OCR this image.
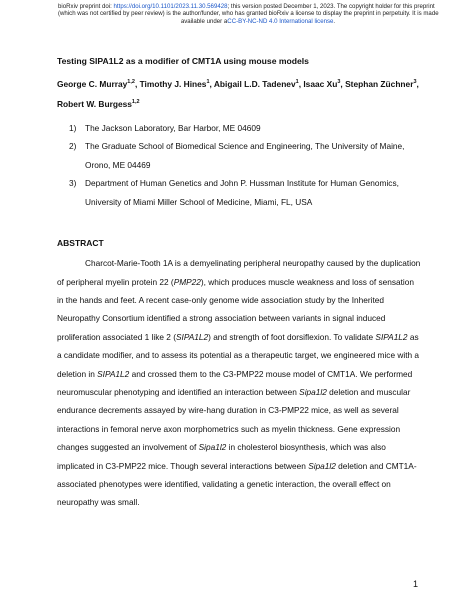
bioRxiv preprint doi: https://doi.org/10.1101/2023.11.30.569428; this version posted December 1, 2023. The copyright holder for this preprint
(which was not certified by peer review) is the author/funder, who has granted bioRxiv a license to display the preprint in perpetuity. It is made
available under aCC-BY-NC-ND 4.0 International license.
Testing SIPA1L2 as a modifier of CMT1A using mouse models

George C. Murray$^{1,2}$, Timothy J. Hines$^1$, Abigail L.D. Tadenev$^1$, Isaac Xu$^3$, Stephan Züchner$^3$, Robert W. Burgess$^{1,2}$

1) The Jackson Laboratory, Bar Harbor, ME 04609
2) The Graduate School of Biomedical Science and Engineering, The University of Maine, Orono, ME 04469
3) Department of Human Genetics and John P. Hussman Institute for Human Genomics, University of Miami Miller School of Medicine, Miami, FL, USA
ABSTRACT

Charcot-Marie-Tooth 1A is a demyelinating peripheral neuropathy caused by the duplication of peripheral myelin protein 22 (PMP22), which produces muscle weakness and loss of sensation in the hands and feet. A recent case-only genome wide association study by the Inherited Neuropathy Consortium identified a strong association between variants in signal induced proliferation associated 1 like 2 (SIPA1L2) and strength of foot dorsiflexion. To validate SIPA1L2 as a candidate modifier, and to assess its potential as a therapeutic target, we engineered mice with a deletion in SIPA1L2 and crossed them to the C3-PMP22 mouse model of CMT1A. We performed neuromuscular phenotyping and identified an interaction between Sipa1l2 deletion and muscular endurance decrements assayed by wire-hang duration in C3-PMP22 mice, as well as several interactions in femoral nerve axon morphometrics such as myelin thickness. Gene expression changes suggested an involvement of Sipa1l2 in cholesterol biosynthesis, which was also implicated in C3-PMP22 mice. Though several interactions between Sipa1l2 deletion and CMT1A-associated phenotypes were identified, validating a genetic interaction, the overall effect on neuropathy was small.

1
